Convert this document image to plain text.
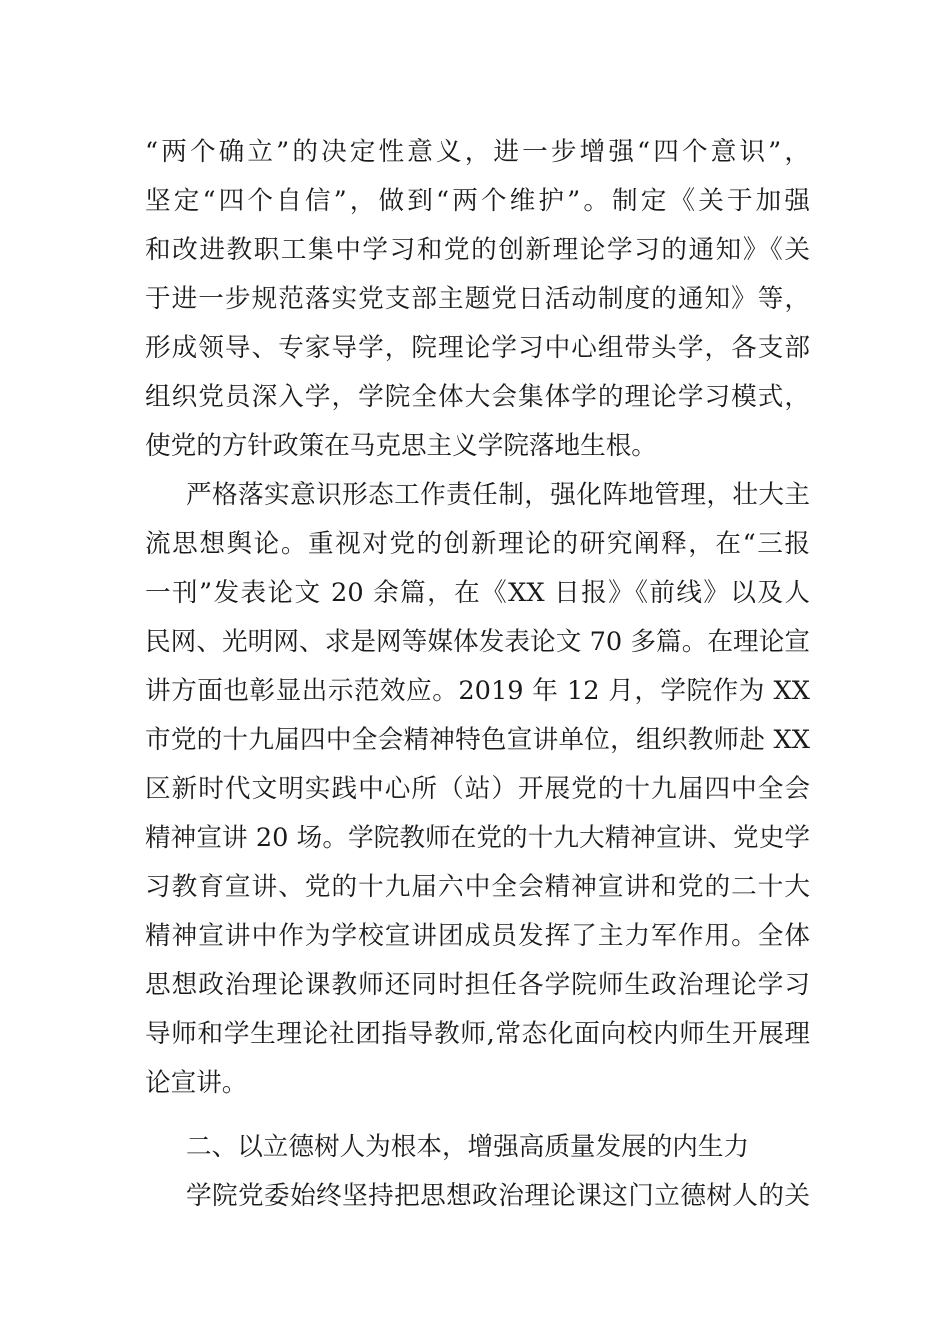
“两个确立”的决定性意义，进一步增强“四个意识”，
坚定“四个自信”，做到“两个维护”。制定《关于加强
和改进教职工集中学习和党的创新理论学习的通知》《关
于进一步规范落实党支部主题党日活动制度的通知》等，
形成领导、专家导学，院理论学习中心组带头学，各支部
组织党员深入学，学院全体大会集体学的理论学习模式，
使党的方针政策在马克思主义学院落地生根。
严格落实意识形态工作责任制，强化阵地管理，壮大主
流思想舆论。重视对党的创新理论的研究阐释，在“三报
一刊”发表论文 20 余篇，在《XX 日报》《前线》以及人
民网、光明网、求是网等媒体发表论文 70 多篇。在理论宣
讲方面也彰显出示范效应。2019 年 12 月，学院作为 XX
市党的十九届四中全会精神特色宣讲单位，组织教师赴 XX
区新时代文明实践中心所（站）开展党的十九届四中全会
精神宣讲 20 场。学院教师在党的十九大精神宣讲、党史学
习教育宣讲、党的十九届六中全会精神宣讲和党的二十大
精神宣讲中作为学校宣讲团成员发挥了主力军作用。全体
思想政治理论课教师还同时担任各学院师生政治理论学习
导师和学生理论社团指导教师,常态化面向校内师生开展理
论宣讲。
二、以立德树人为根本，增强高质量发展的内生力
学院党委始终坚持把思想政治理论课这门立德树人的关
